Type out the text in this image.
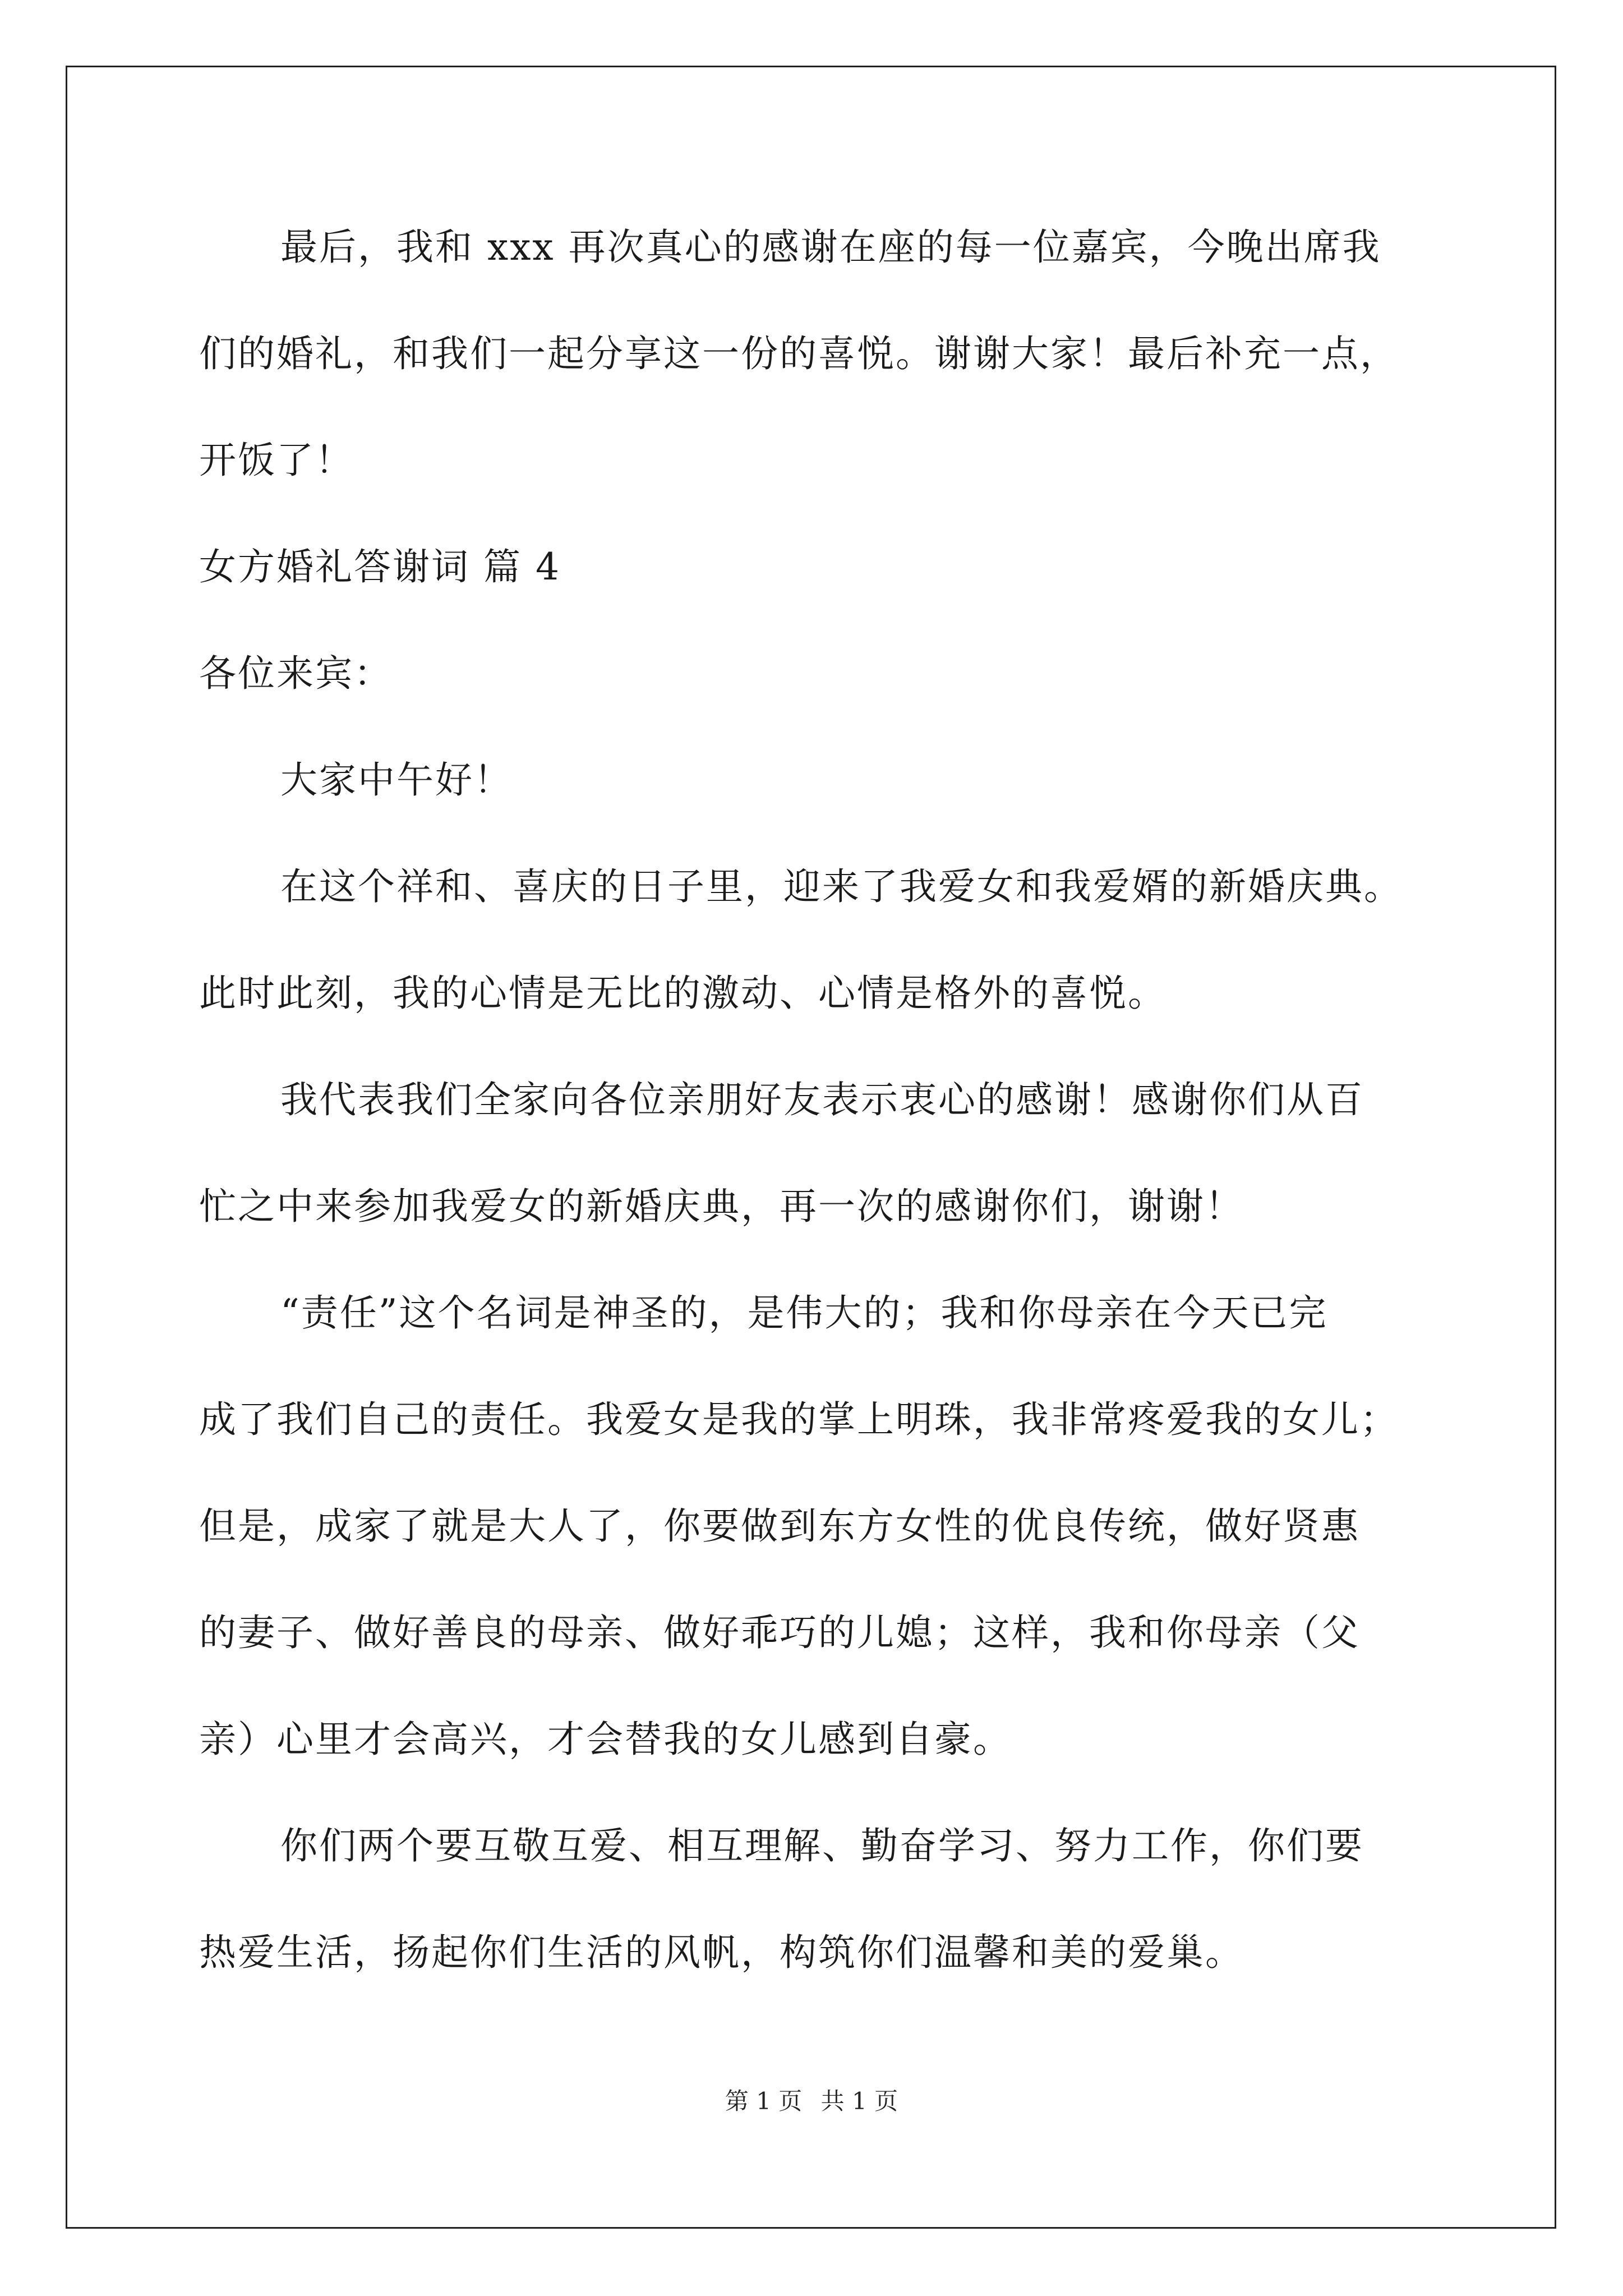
最后，我和 xxx 再次真心的感谢在座的每一位嘉宾，今晚出席我
们的婚礼，和我们一起分享这一份的喜悦。谢谢大家！最后补充一点，
开饭了！
女方婚礼答谢词 篇 4
各位来宾：
大家中午好！
在这个祥和、喜庆的日子里，迎来了我爱女和我爱婿的新婚庆典。
此时此刻，我的心情是无比的激动、心情是格外的喜悦。
我代表我们全家向各位亲朋好友表示衷心的感谢！感谢你们从百
忙之中来参加我爱女的新婚庆典，再一次的感谢你们，谢谢！
“责任”这个名词是神圣的，是伟大的；我和你母亲在今天已完
成了我们自己的责任。我爱女是我的掌上明珠，我非常疼爱我的女儿；
但是，成家了就是大人了，你要做到东方女性的优良传统，做好贤惠
的妻子、做好善良的母亲、做好乖巧的儿媳；这样，我和你母亲（父
亲）心里才会高兴，才会替我的女儿感到自豪。
你们两个要互敬互爱、相互理解、勤奋学习、努力工作，你们要
热爱生活，扬起你们生活的风帆，构筑你们温馨和美的爱巢。
第 1 页 共 1 页
